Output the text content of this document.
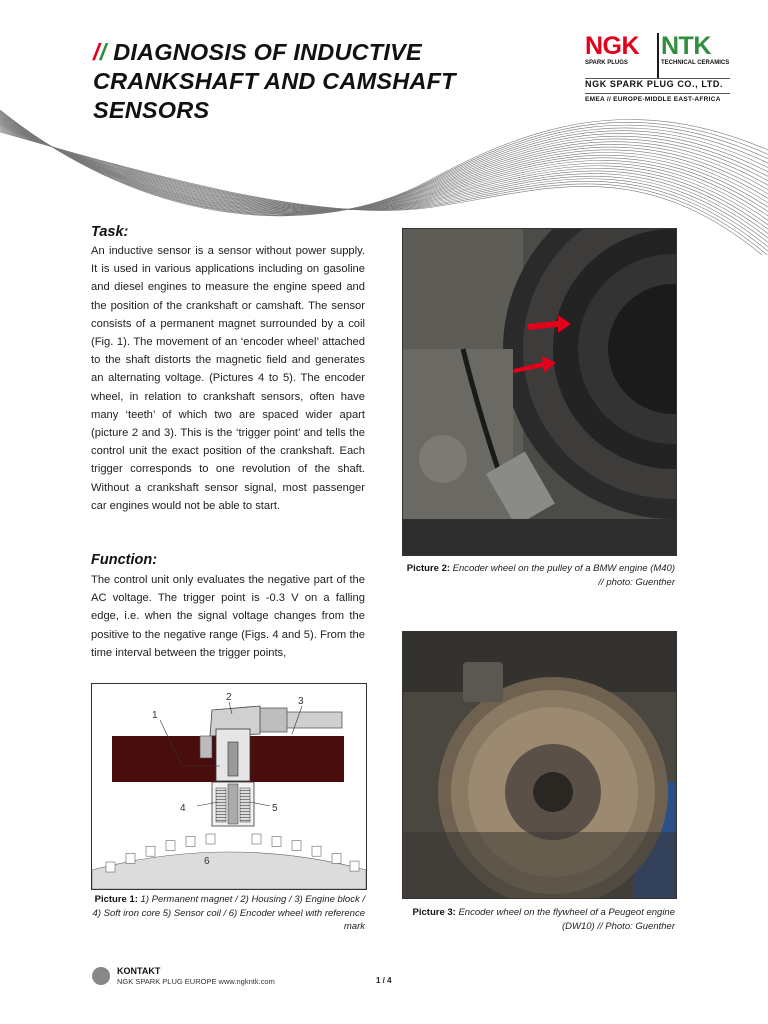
// DIAGNOSIS OF INDUCTIVE CRANKSHAFT AND CAMSHAFT SENSORS
NGK
SPARK PLUGS
NTK
TECHNICAL CERAMICS
NGK SPARK PLUG CO., LTD.
EMEA // EUROPE-MIDDLE EAST-AFRICA
Task:
An inductive sensor is a sensor without power supply. It is used in various applications including on gasoline and diesel engines to measure the engine speed and the position of the crankshaft or camshaft. The sensor consists of a permanent magnet surrounded by a coil (Fig. 1). The movement of an ‘encoder wheel’ attached to the shaft distorts the magnetic field and generates an alternating voltage. (Pictures 4 to 5). The encoder wheel, in relation to crankshaft sensors, often have many ‘teeth’ of which two are spaced wider apart (picture 2 and 3). This is the ‘trigger point’ and tells the control unit the exact position of the crankshaft. Each trigger corresponds to one revolution of the shaft. Without a crankshaft sensor signal, most passenger car engines would not be able to start.
Function:
The control unit only evaluates the negative part of the AC voltage. The trigger point is -0.3 V on a falling edge, i.e. when the signal voltage changes from the positive to the negative range (Figs. 4 and 5). From the time interval between the trigger points,
1
2	3
4	5
6
Picture 1: 1) Permanent magnet / 2) Housing / 3) Engine block / 4) Soft iron core 5) Sensor coil / 6) Encoder wheel with reference mark
Picture 2: Encoder wheel on the pulley of a BMW engine (M40) // photo: Guenther
Picture 3: Encoder wheel on the flywheel of a Peugeot engine (DW10) // Photo: Guenther
KONTAKT
NGK SPARK PLUG EUROPE www.ngkntk.com	1 / 4
